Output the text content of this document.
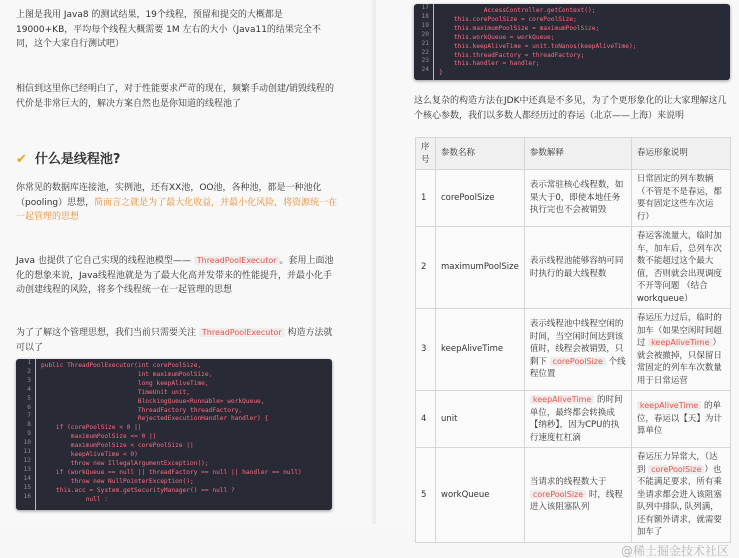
上图是我用 Java8 的测试结果，19个线程，预留和提交的大概都是19000+KB，平均每个线程大概需要 1M 左右的大小（Java11的结果完全不同，这个大家自行测试吧）
相信到这里你已经明白了，对于性能要求严苛的现在，频繁手动创建/销毁线程的代价是非常巨大的，解决方案自然也是你知道的线程池了
✔ 什么是线程池?
你常见的数据库连接池，实例池，还有XX池，OO池，各种池，都是一种池化（pooling）思想，简而言之就是为了最大化收益，并最小化风险，将资源统一在一起管理的思想
Java 也提供了它自己实现的线程池模型—— ThreadPoolExecutor 。套用上面池化的想象来说，Java线程池就是为了最大化高并发带来的性能提升，并最小化手动创建线程的风险，将多个线程统一在一起管理的思想
为了了解这个管理思想，我们当前只需要关注 ThreadPoolExecutor 构造方法就可以了
1
2
3
4
5
6
7
8
9
10
11
12
13
14
15
16
public ThreadPoolExecutor(int corePoolSize,
int maximumPoolSize,
long keepAliveTime,
TimeUnit unit,
BlockingQueue<Runnable> workQueue,
ThreadFactory threadFactory,
RejectedExecutionHandler handler) {
if (corePoolSize < 0 ||
maximumPoolSize <= 0 ||
maximumPoolSize < corePoolSize ||
keepAliveTime < 0)
throw new IllegalArgumentException();
if (workQueue == null || threadFactory == null || handler == null)
throw new NullPointerException();
this.acc = System.getSecurityManager() == null ?
null :
17
18
19
20
21
22
23
24
AccessController.getContext();
this.corePoolSize = corePoolSize;
this.maximumPoolSize = maximumPoolSize;
this.workQueue = workQueue;
this.keepAliveTime = unit.toNanos(keepAliveTime);
this.threadFactory = threadFactory;
this.handler = handler;
}
这么复杂的构造方法在JDK中还真是不多见，为了个更形象化的让大家理解这几个核心参数，我们以多数人都经历过的春运（北京——上海）来说明
序号	参数名称	参数解释	春运形象说明
1	corePoolSize	表示常驻核心线程数，如果大于0，即使本地任务执行完也不会被销毁	日常固定的列车数辆（不管是不是春运，都要有固定这些车次运行）
2	maximumPoolSize	表示线程池能够容纳可同时执行的最大线程数	春运客流量大，临时加车，加车后，总列车次数不能超过这个最大值，否则就会出现调度不开等问题 （结合workqueue）
3	keepAliveTime	表示线程池中线程空闲的时间，当空闲时间达到该值时，线程会被销毁，只剩下 corePoolSize 个线程位置	春运压力过后，临时的加车（如果空闲时间超过 keepAliveTime ）就会被撤掉，只保留日常固定的列车车次数量用于日常运营
4	unit	keepAliveTime 的时间单位，最终都会转换成【纳秒】，因为CPU的执行速度杠杠滴	keepAliveTime 的单位，春运以【天】为计算单位
5	workQueue	当请求的线程数大于 corePoolSize 时，线程进入该阻塞队列	春运压力异常大，（达到 corePoolSize ）也不能满足要求，所有乘坐请求都会进入该阻塞队列中排队, 队列满，还有额外请求，就需要加车了
@稀土掘金技术社区
